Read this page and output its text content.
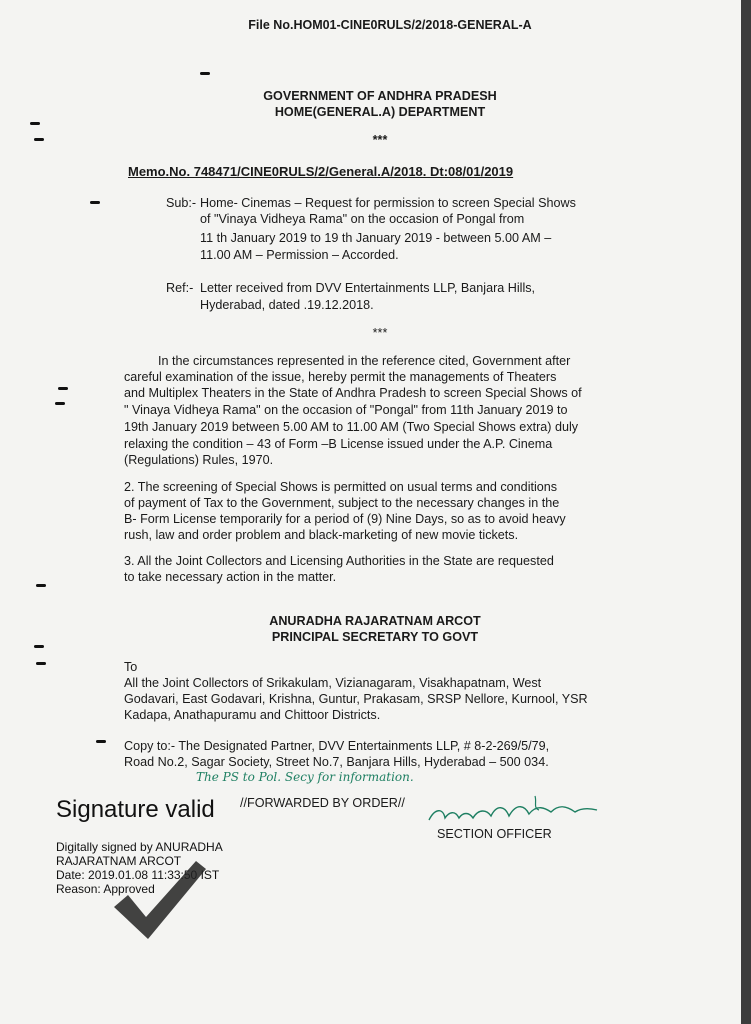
File No.HOM01-CINE0RULS/2/2018-GENERAL-A
GOVERNMENT OF ANDHRA PRADESH
HOME(GENERAL.A) DEPARTMENT
***
Memo.No. 748471/CINE0RULS/2/General.A/2018. Dt:08/01/2019
Sub:- Home- Cinemas – Request for permission to screen Special Shows
of "Vinaya Vidheya Rama" on the occasion of Pongal from
11 th January 2019 to 19 th January 2019 - between 5.00 AM –
11.00 AM – Permission – Accorded.
Ref:- Letter received from DVV Entertainments LLP, Banjara Hills,
Hyderabad, dated .19.12.2018.
***
In the circumstances represented in the reference cited, Government after
careful examination of the issue, hereby permit the managements of Theaters
and Multiplex Theaters in the State of Andhra Pradesh to screen Special Shows of
" Vinaya Vidheya Rama" on the occasion of "Pongal" from 11th January 2019 to
19th January 2019 between 5.00 AM to 11.00 AM (Two Special Shows extra) duly
relaxing the condition – 43 of Form –B License issued under the A.P. Cinema
(Regulations) Rules, 1970.
2. The screening of Special Shows is permitted on usual terms and conditions
of payment of Tax to the Government, subject to the necessary changes in the
B- Form License temporarily for a period of (9) Nine Days, so as to avoid heavy
rush, law and order problem and black-marketing of new movie tickets.
3. All the Joint Collectors and Licensing Authorities in the State are requested
to take necessary action in the matter.
ANURADHA RAJARATNAM ARCOT
PRINCIPAL SECRETARY TO GOVT
To
All the Joint Collectors of Srikakulam, Vizianagaram, Visakhapatnam, West
Godavari, East Godavari, Krishna, Guntur, Prakasam, SRSP Nellore, Kurnool, YSR
Kadapa, Anathapuramu and Chittoor Districts.
Copy to:- The Designated Partner, DVV Entertainments LLP, # 8-2-269/5/79,
Road No.2, Sagar Society, Street No.7, Banjara Hills, Hyderabad – 500 034.
The PS to Pol. Secy for information.
//FORWARDED BY ORDER//
SECTION OFFICER
Signature valid
Digitally signed by ANURADHA
RAJARATNAM ARCOT
Date: 2019.01.08 11:33:50 IST
Reason: Approved
